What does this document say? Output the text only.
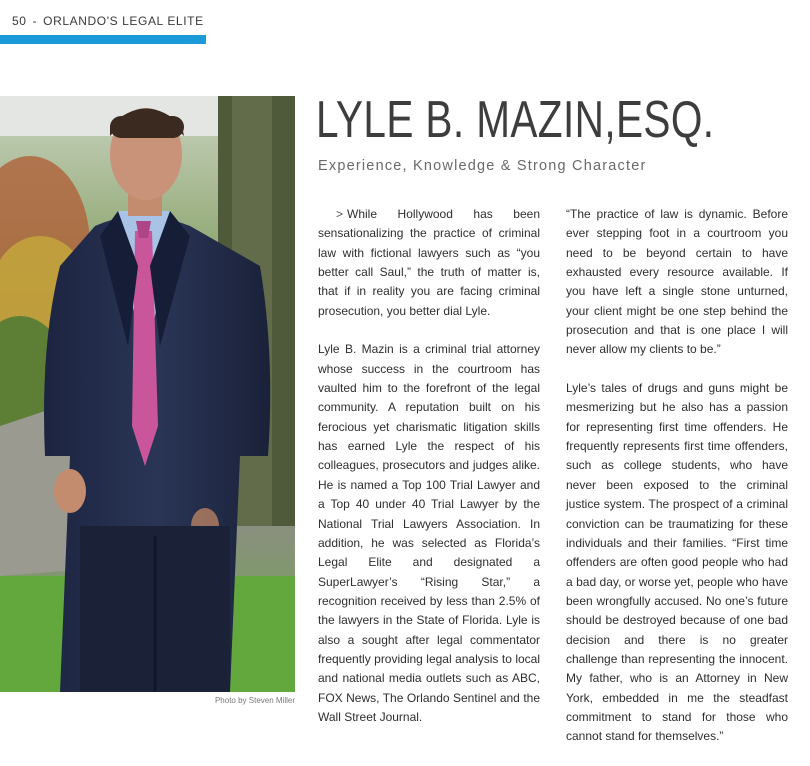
50 - ORLANDO'S LEGAL ELITE
Photo by Steven Miller
LYLE B. MAZIN,ESQ.
Experience, Knowledge & Strong Character

> While Hollywood has been sensationalizing the practice of criminal law with fictional lawyers such as “you better call Saul,” the truth of matter is, that if in reality you are facing criminal prosecution, you better dial Lyle.

Lyle B. Mazin is a criminal trial attorney whose success in the courtroom has vaulted him to the forefront of the legal community. A reputation built on his ferocious yet charismatic litigation skills has earned Lyle the respect of his colleagues, prosecutors and judges alike. He is named a Top 100 Trial Lawyer and a Top 40 under 40 Trial Lawyer by the National Trial Lawyers Association. In addition, he was selected as Florida’s Legal Elite and designated a SuperLawyer’s “Rising Star,” a recognition received by less than 2.5% of the lawyers in the State of Florida. Lyle is also a sought after legal commentator frequently providing legal analysis to local and national media outlets such as ABC, FOX News, The Orlando Sentinel and the Wall Street Journal.

“The practice of law is dynamic. Before ever stepping foot in a courtroom you need to be beyond certain to have exhausted every resource available. If you have left a single stone unturned, your client might be one step behind the prosecution and that is one place I will never allow my clients to be.”

Lyle’s tales of drugs and guns might be mesmerizing but he also has a passion for representing first time offenders. He frequently represents first time offenders, such as college students, who have never been exposed to the criminal justice system. The prospect of a criminal conviction can be traumatizing for these individuals and their families. “First time offenders are often good people who had a bad day, or worse yet, people who have been wrongfully accused. No one’s future should be destroyed because of one bad decision and there is no greater challenge than representing the innocent. My father, who is an Attorney in New York, embedded in me the steadfast commitment to stand for those who cannot stand for themselves.”
